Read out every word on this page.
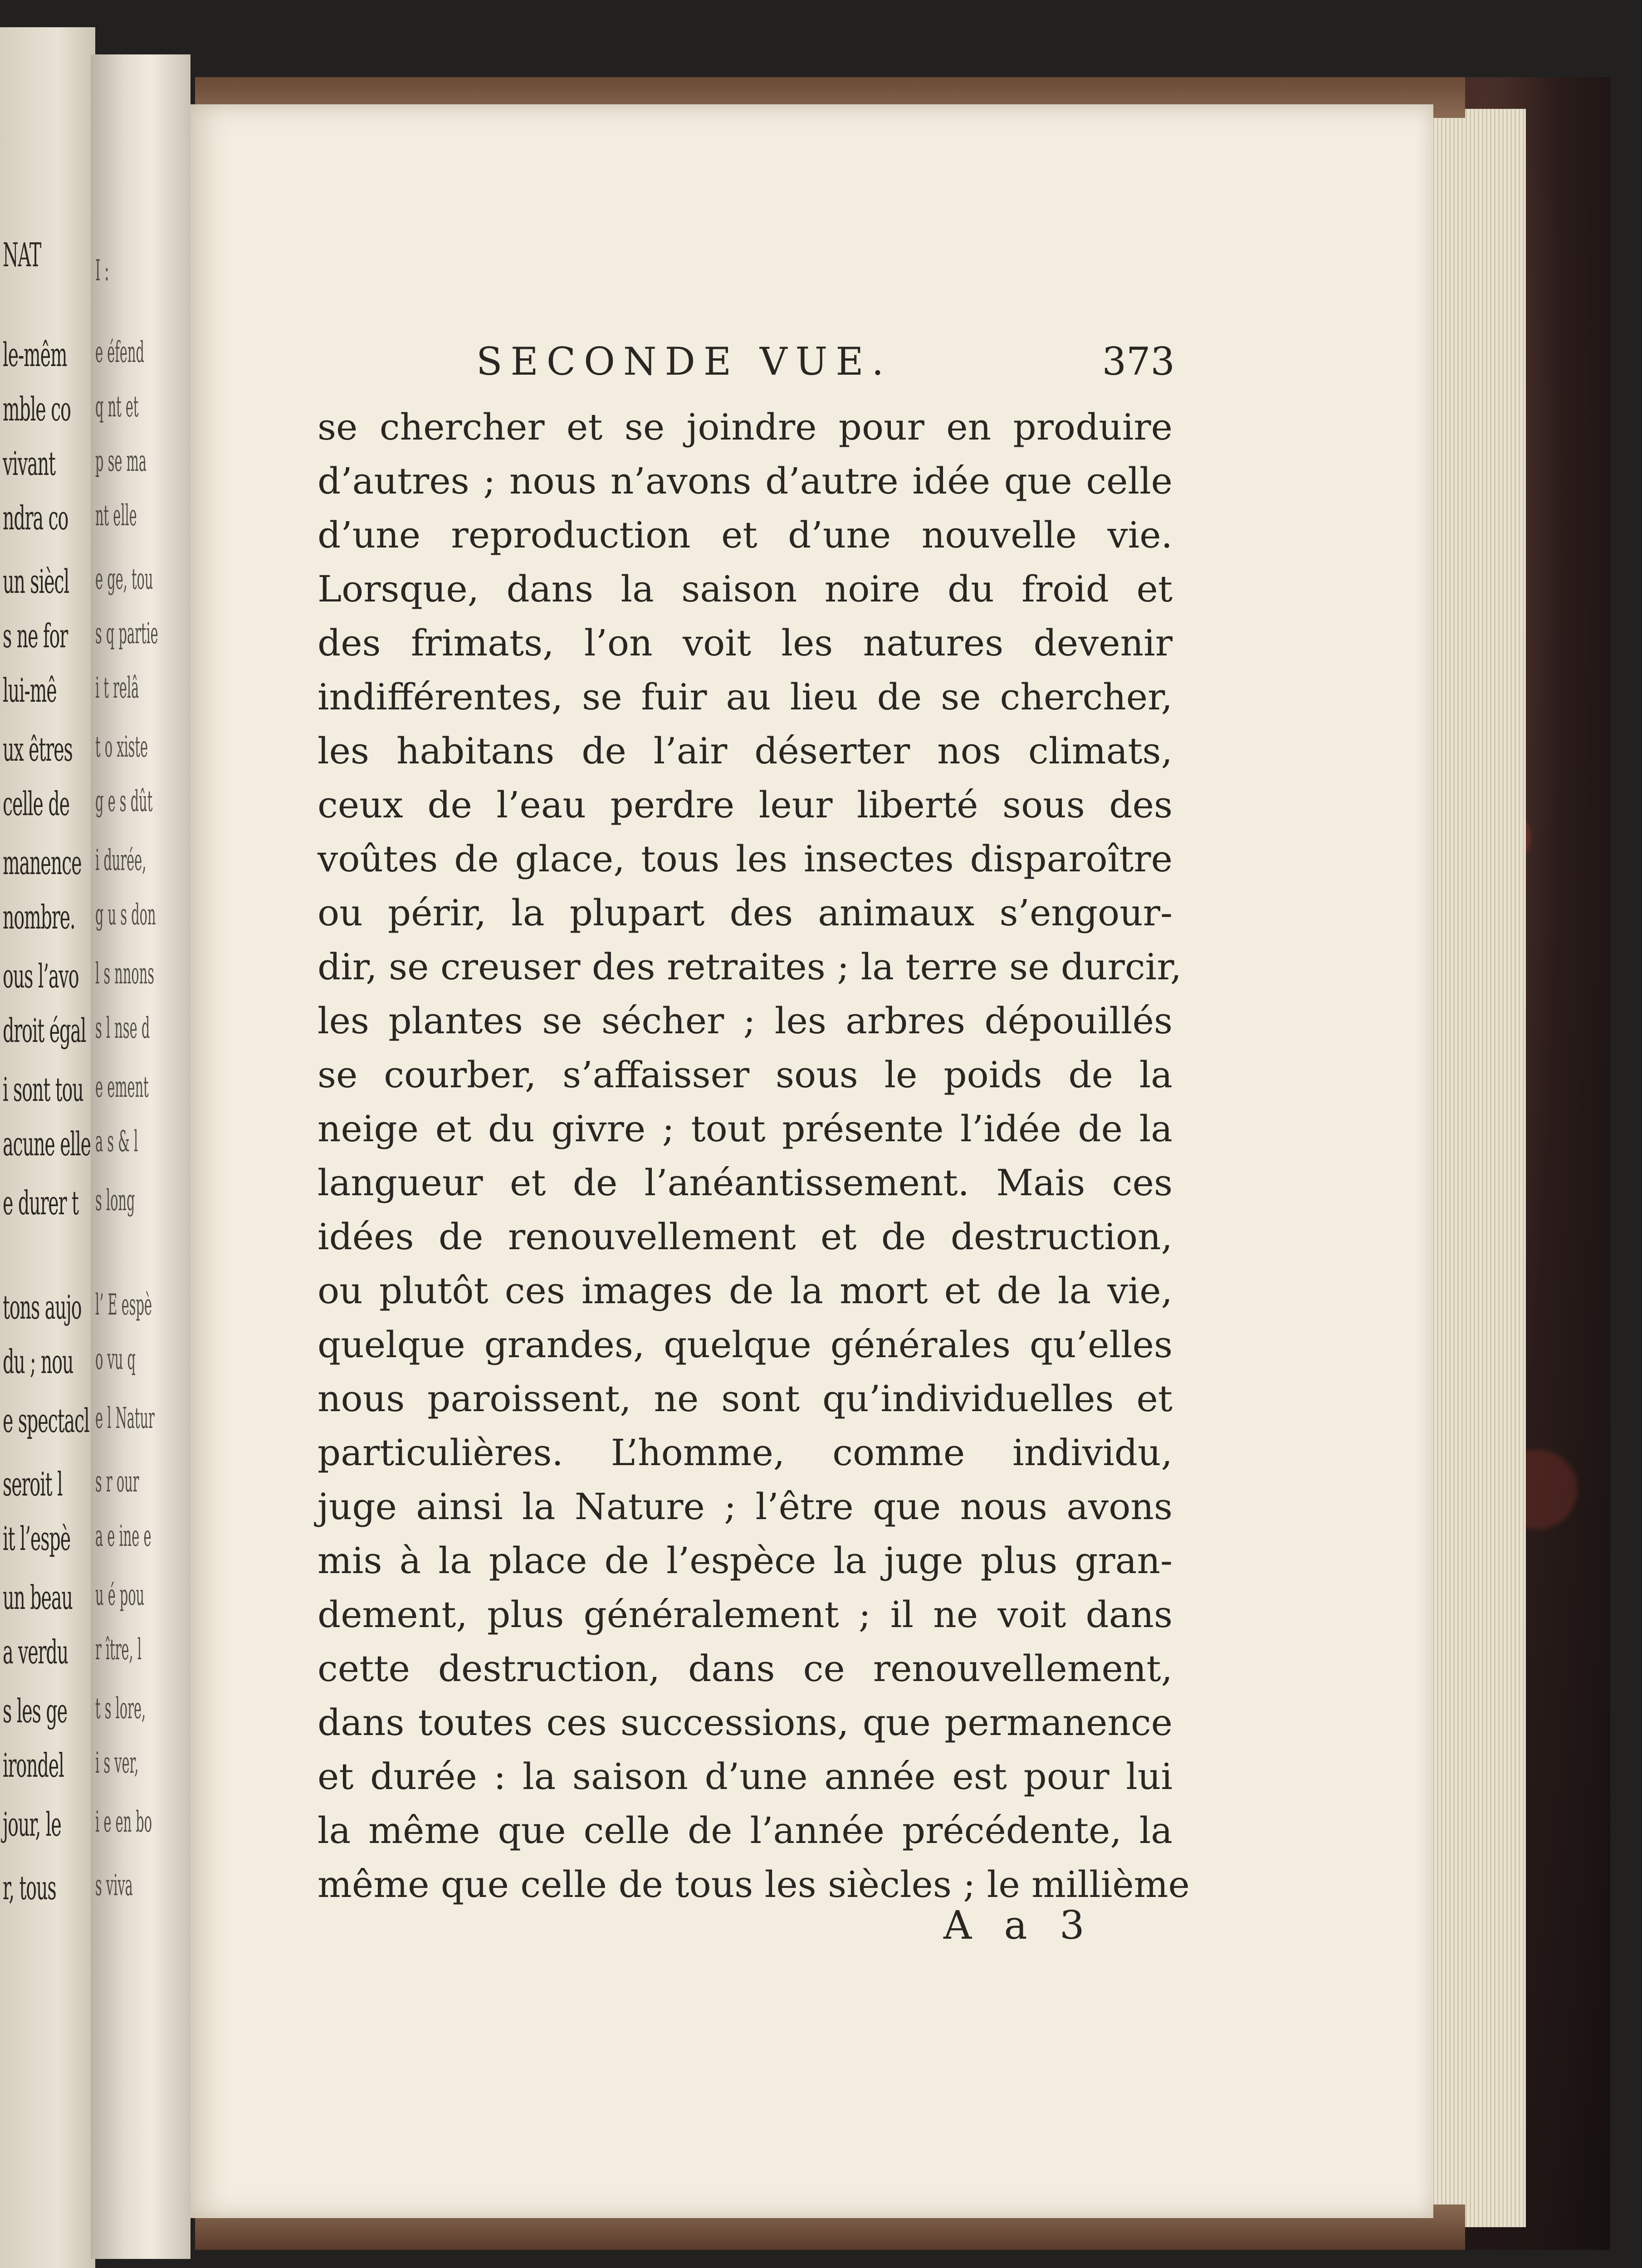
NAT
le-mêm
mble co
vivant
ndra co
un siècl
s ne for
lui-mê
ux êtres
celle de
manence
nombre.
ous l’avo
droit égal
i sont tou
acune elle
e durer t
tons aujo
du ; nou
e spectacl
seroit l
it l’espè
un beau
a verdu
s les ge
irondel
jour, le
r, tous
I :
e éfend
q nt et
p se ma
nt elle
e ge, tou
s q partie
i t relâ
t o xiste
g e s dût
i durée,
g u s don
l s nnons
s l nse d
e ement
a s & l
s long
l’ E espè
o vu q
e l Natur
s r our
a e ine e
u é pou
r ître, l
t s lore,
i s ver,
i e en bo
s viva
SECONDE VUE.	373
se chercher et se joindre pour en produire
d’autres ; nous n’avons d’autre idée que celle
d’une reproduction et d’une nouvelle vie.
Lorsque, dans la saison noire du froid et
des frimats, l’on voit les natures devenir
indifférentes, se fuir au lieu de se chercher,
les habitans de l’air déserter nos climats,
ceux de l’eau perdre leur liberté sous des
voûtes de glace, tous les insectes disparoître
ou périr, la plupart des animaux s’engour-
dir, se creuser des retraites ; la terre se durcir,
les plantes se sécher ; les arbres dépouillés
se courber, s’affaisser sous le poids de la
neige et du givre ; tout présente l’idée de la
langueur et de l’anéantissement. Mais ces
idées de renouvellement et de destruction,
ou plutôt ces images de la mort et de la vie,
quelque grandes, quelque générales qu’elles
nous paroissent, ne sont qu’individuelles et
particulières. L’homme, comme individu,
juge ainsi la Nature ; l’être que nous avons
mis à la place de l’espèce la juge plus gran-
dement, plus généralement ; il ne voit dans
cette destruction, dans ce renouvellement,
dans toutes ces successions, que permanence
et durée : la saison d’une année est pour lui
la même que celle de l’année précédente, la
même que celle de tous les siècles ; le millième
A a 3
